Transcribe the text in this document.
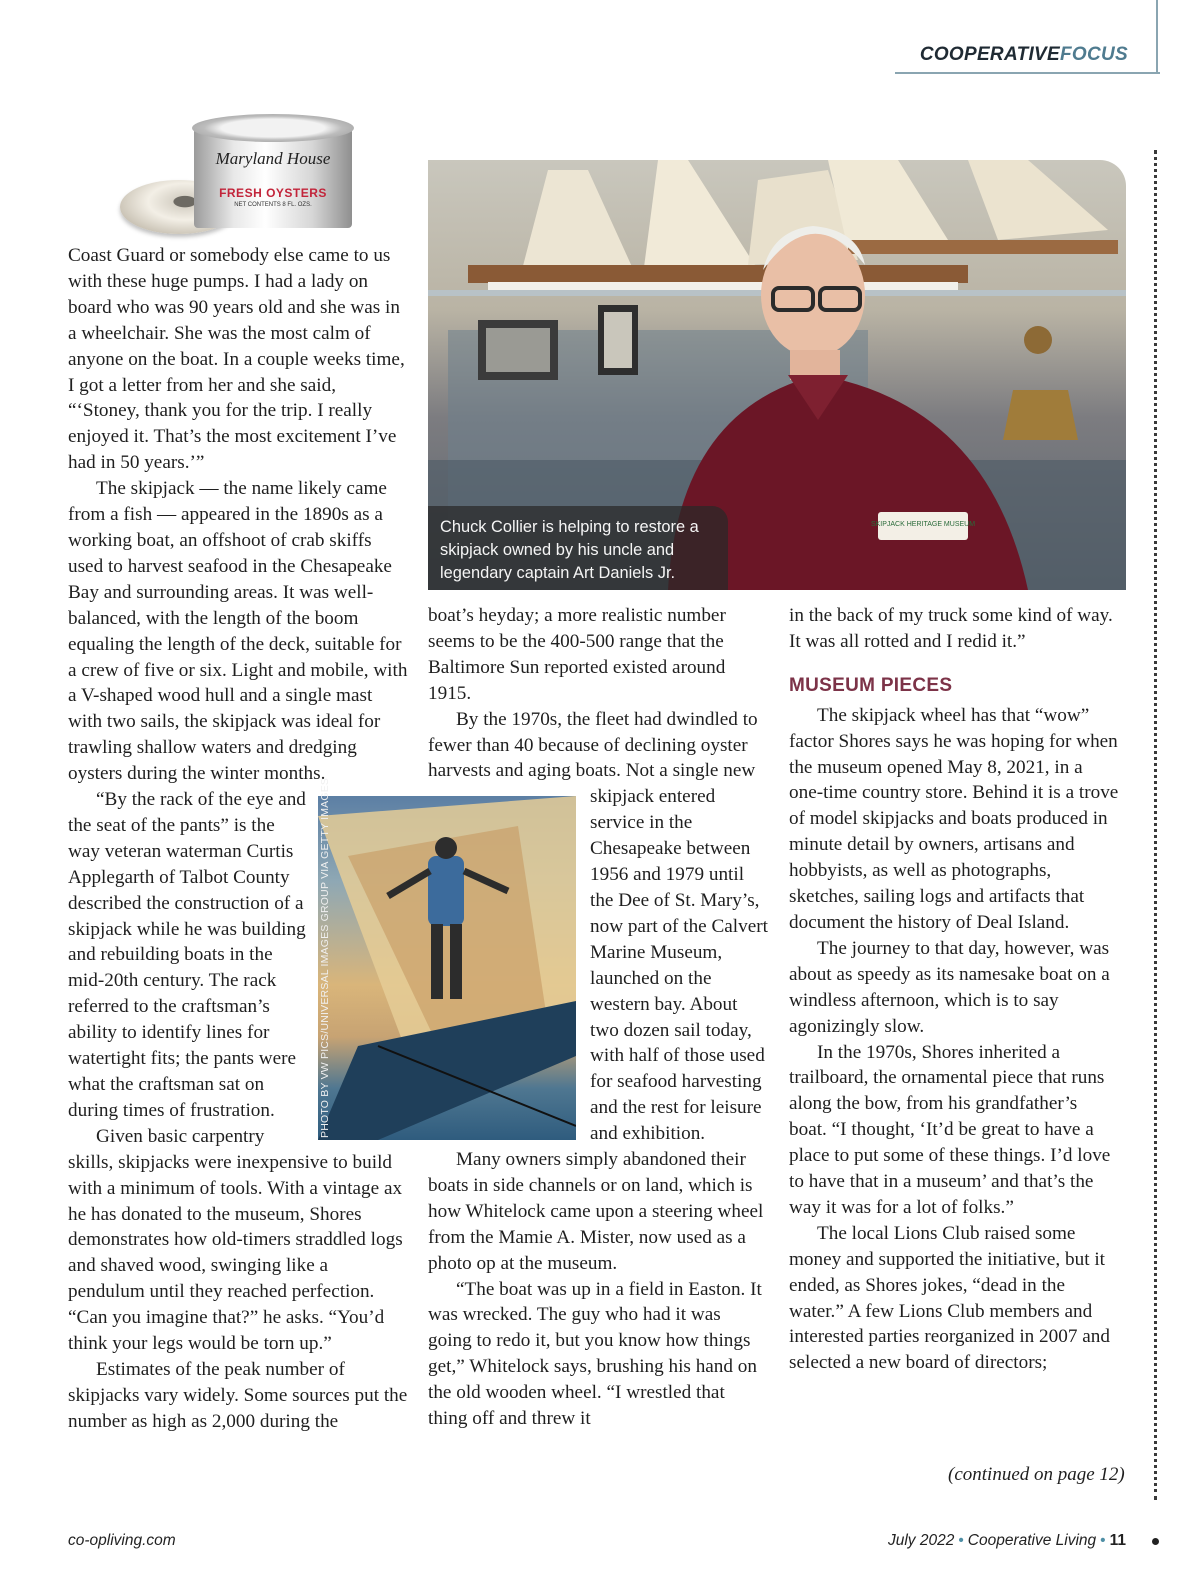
COOPERATIVEFOCUS
Maryland House
FRESH OYSTERS
NET CONTENTS 8 FL. OZS.
SKIPJACK HERITAGE MUSEUM
Chuck Collier is helping to restore a skipjack owned by his uncle and legendary captain Art Daniels Jr.
PHOTO BY VW PICS/UNIVERSAL IMAGES GROUP VIA GETTY IMAGES

Coast Guard or somebody else came to us with these huge pumps. I had a lady on board who was 90 years old and she was in a wheelchair. She was the most calm of anyone on the boat. In a couple weeks time, I got a letter from her and she said, “‘Stoney, thank you for the trip. I really enjoyed it. That’s the most excitement I’ve had in 50 years.’”

The skipjack — the name likely came from a fish — appeared in the 1890s as a working boat, an offshoot of crab skiffs used to harvest seafood in the Chesapeake Bay and surrounding areas. It was well-balanced, with the length of the boom equaling the length of the deck, suitable for a crew of five or six. Light and mobile, with a V-shaped wood hull and a single mast with two sails, the skipjack was ideal for trawling shallow waters and dredging oysters during the winter months.

“By the rack of the eye and the seat of the pants” is the way veteran waterman Curtis Applegarth of Talbot County described the construction of a skipjack while he was building and rebuilding boats in the mid-20th century. The rack referred to the craftsman’s ability to identify lines for watertight fits; the pants were what the craftsman sat on during times of frustration.

Given basic carpentry skills, skipjacks were inexpensive to build with a minimum of tools. With a vintage ax he has donated to the museum, Shores demonstrates how old-timers straddled logs and shaved wood, swinging like a pendulum until they reached perfection. “Can you imagine that?” he asks. “You’d think your legs would be torn up.”

Estimates of the peak number of skipjacks vary widely. Some sources put the number as high as 2,000 during the

boat’s heyday; a more realistic number seems to be the 400-500 range that the Baltimore Sun reported existed around 1915.

By the 1970s, the fleet had dwindled to fewer than 40 because of declining oyster harvests and aging boats. Not a
single new skipjack entered service in the Chesapeake between 1956 and 1979 until the Dee of St. Mary’s, now part of the Calvert Marine Museum, launched on the western bay. About two dozen sail today, with half of those used for seafood harvesting and the rest for leisure and exhibition.

Many owners simply abandoned their boats in side channels or on land, which is how Whitelock came upon a steering wheel from the Mamie A. Mister, now used as a photo op at the museum.

“The boat was up in a field in Easton. It was wrecked. The guy who had it was going to redo it, but you know how things get,” Whitelock says, brushing his hand on the old wooden wheel. “I wrestled that thing off and threw it

in the back of my truck some kind of way. It was all rotted and I redid it.”

MUSEUM PIECES

The skipjack wheel has that “wow” factor Shores says he was hoping for when the museum opened May 8, 2021, in a one-time country store. Behind it is a trove of model skipjacks and boats produced in minute detail by owners, artisans and hobbyists, as well as photographs, sketches, sailing logs and artifacts that document the history of Deal Island.

The journey to that day, however, was about as speedy as its namesake boat on a windless afternoon, which is to say agonizingly slow.

In the 1970s, Shores inherited a trailboard, the ornamental piece that runs along the bow, from his grandfather’s boat. “I thought, ‘It’d be great to have a place to put some of these things. I’d love to have that in a museum’ and that’s the way it was for a lot of folks.”

The local Lions Club raised some money and supported the initiative, but it ended, as Shores jokes, “dead in the water.” A few Lions Club members and interested parties reorganized in 2007 and selected a new board of directors;

(continued on page 12)
co-opliving.com	July 2022 • Cooperative Living • 11
